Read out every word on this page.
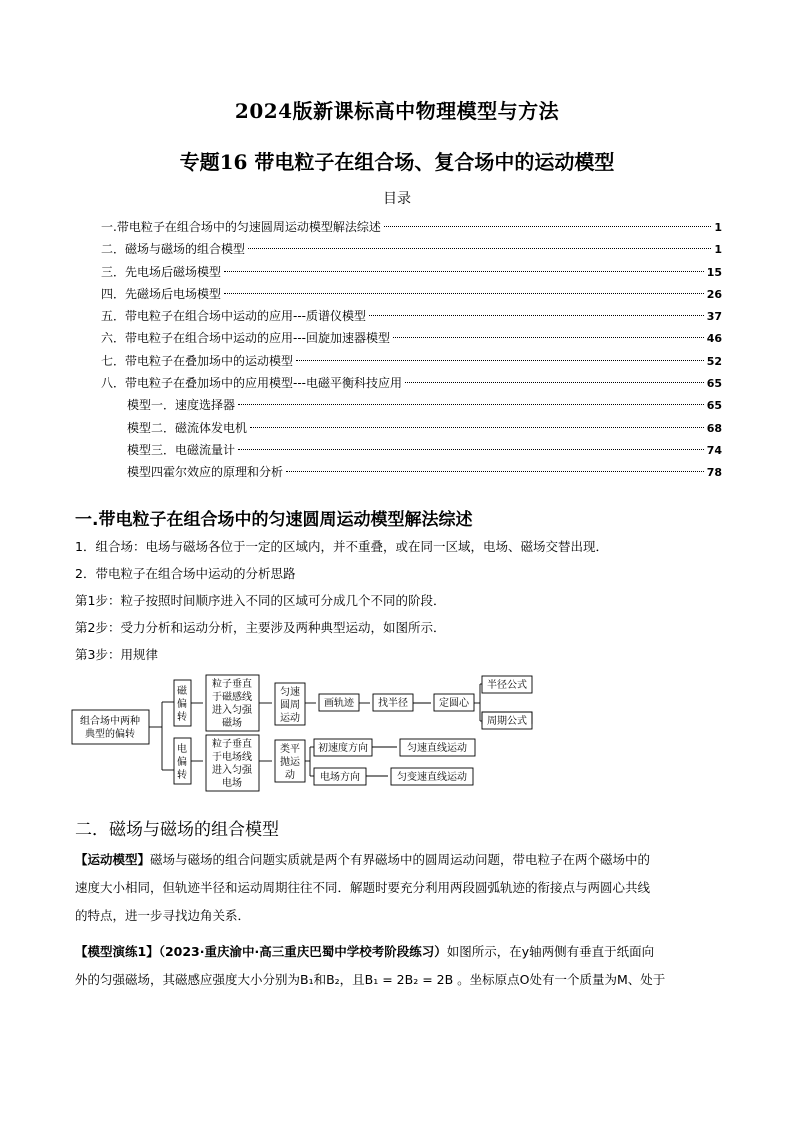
2024版新课标高中物理模型与方法
专题16 带电粒子在组合场、复合场中的运动模型
目录
一.带电粒子在组合场中的匀速圆周运动模型解法综述	1
二．磁场与磁场的组合模型	1
三．先电场后磁场模型	15
四．先磁场后电场模型	26
五．带电粒子在组合场中运动的应用---质谱仪模型	37
六．带电粒子在组合场中运动的应用---回旋加速器模型	46
七．带电粒子在叠加场中的运动模型	52
八．带电粒子在叠加场中的应用模型---电磁平衡科技应用	65
模型一．速度选择器	65
模型二．磁流体发电机	68
模型三．电磁流量计	74
模型四霍尔效应的原理和分析	78
一.带电粒子在组合场中的匀速圆周运动模型解法综述
1．组合场：电场与磁场各位于一定的区域内，并不重叠，或在同一区域，电场、磁场交替出现．
2．带电粒子在组合场中运动的分析思路
第1步：粒子按照时间顺序进入不同的区域可分成几个不同的阶段．
第2步：受力分析和运动分析，主要涉及两种典型运动，如图所示．
第3步：用规律
组合场中两种
典型的偏转
磁
偏
转
粒子垂直
于磁感线
进入匀强
磁场
匀速
圆周
运动
画轨迹 找半径	定圆心
电
偏
转
粒子垂直
于电场线
进入匀强
电场
类平
抛运
动
初速度方向	匀速直线运动
电场方向	匀变速直线运动
半径公式
周期公式
二．磁场与磁场的组合模型
【运动模型】磁场与磁场的组合问题实质就是两个有界磁场中的圆周运动问题，带电粒子在两个磁场中的
速度大小相同，但轨迹半径和运动周期往往不同．解题时要充分利用两段圆弧轨迹的衔接点与两圆心共线
的特点，进一步寻找边角关系．
【模型演练1】（2023·重庆渝中·高三重庆巴蜀中学校考阶段练习）如图所示，在y轴两侧有垂直于纸面向
外的匀强磁场，其磁感应强度大小分别为B₁和B₂，且B₁ = 2B₂ = 2B 。坐标原点O处有一个质量为M、处于
